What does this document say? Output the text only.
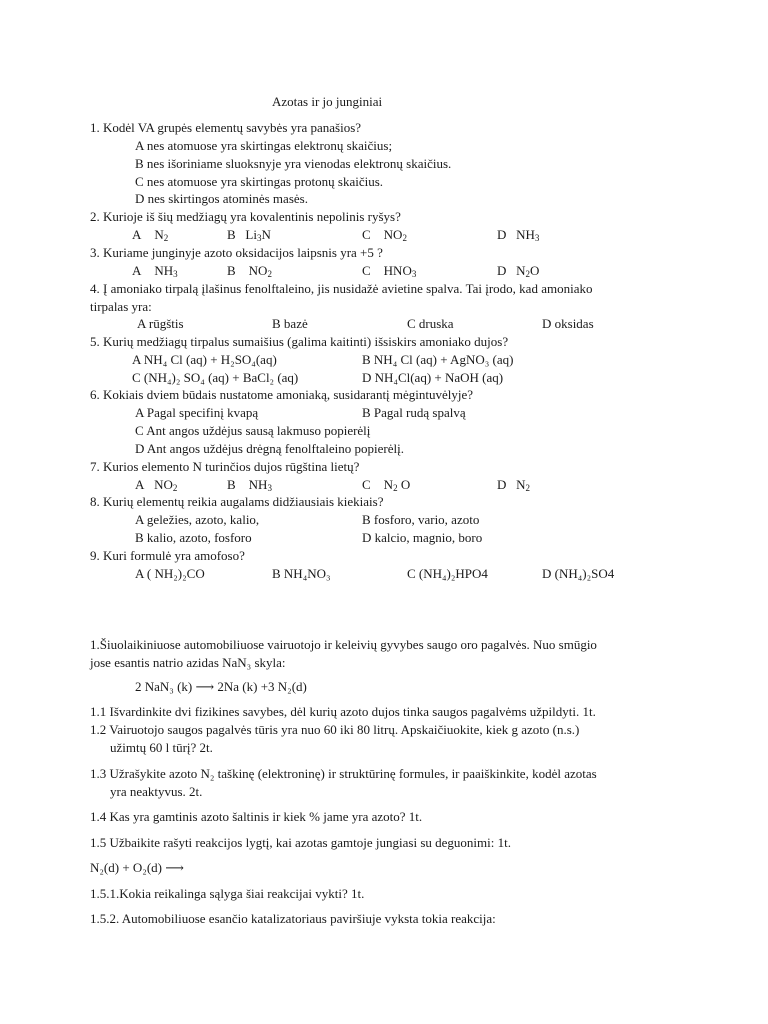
Azotas ir jo junginiai
1. Kodėl VA grupės elementų savybės yra panašios?
A nes atomuose yra skirtingas elektronų skaičius;
B nes išoriniame sluoksnyje yra vienodas elektronų skaičius.
C nes atomuose yra skirtingas protonų skaičius.
D nes skirtingos atominės masės.
2. Kurioje iš šių medžiagų yra kovalentinis nepolinis ryšys?
A $N_2$	B $Li_3N$	C $NO_2$	D $NH_3$
3. Kuriame junginyje azoto oksidacijos laipsnis yra +5 ?
A $NH_3$	B $NO_2$	C $HNO_3$	D $N_2O$
4. Į amoniako tirpalą įlašinus fenolftaleino, jis nusidažė avietine spalva. Tai įrodo, kad amoniako
tirpalas yra:
A rūgštis	B bazė	C druska	D oksidas
5. Kurių medžiagų tirpalus sumaišius (galima kaitinti) išsiskirs amoniako dujos?
A NH₄ Cl (aq) + H₂SO₄(aq)	B NH₄ Cl (aq) + AgNO₃ (aq)
C (NH₄)₂ SO₄ (aq) + BaCl₂ (aq)	D NH₄Cl(aq) + NaOH (aq)
6. Kokiais dviem būdais nustatome amoniaką, susidarantį mėgintuvėlyje?
A Pagal specifinį kvapą	B Pagal rudą spalvą
C Ant angos uždėjus sausą lakmuso popierėlį
D Ant angos uždėjus drėgną fenolftaleino popierėlį.
7. Kurios elemento N turinčios dujos rūgština lietų?
A $NO_2$	B $NH_3$	C $N_2$ O	D $N_2$
8. Kurių elementų reikia augalams didžiausiais kiekiais?
A geležies, azoto, kalio,	B fosforo, vario, azoto
B kalio, azoto, fosforo	D kalcio, magnio, boro
9. Kuri formulė yra amofoso?
A ( NH₂)₂CO	B NH₄NO₃	C (NH₄)₂HPO4	D (NH₄)₂SO4
1.Šiuolaikiniuose automobiliuose vairuotojo ir keleivių gyvybes saugo oro pagalvės. Nuo smūgio
jose esantis natrio azidas NaN₃ skyla:
2 NaN₃ (k) ⟶ 2Na (k) +3 N₂(d)
1.1 Išvardinkite dvi fizikines savybes, dėl kurių azoto dujos tinka saugos pagalvėms užpildyti. 1t.
1.2 Vairuotojo saugos pagalvės tūris yra nuo 60 iki 80 litrų. Apskaičiuokite, kiek g azoto (n.s.)
užimtų 60 l tūrį? 2t.
1.3 Užrašykite azoto N₂ taškinę (elektroninę) ir struktūrinę formules, ir paaiškinkite, kodėl azotas
yra neaktyvus. 2t.
1.4 Kas yra gamtinis azoto šaltinis ir kiek % jame yra azoto? 1t.
1.5 Užbaikite rašyti reakcijos lygtį, kai azotas gamtoje jungiasi su deguonimi: 1t.
N₂(d) + O₂(d) ⟶
1.5.1.Kokia reikalinga sąlyga šiai reakcijai vykti? 1t.
1.5.2. Automobiliuose esančio katalizatoriaus paviršiuje vyksta tokia reakcija:
